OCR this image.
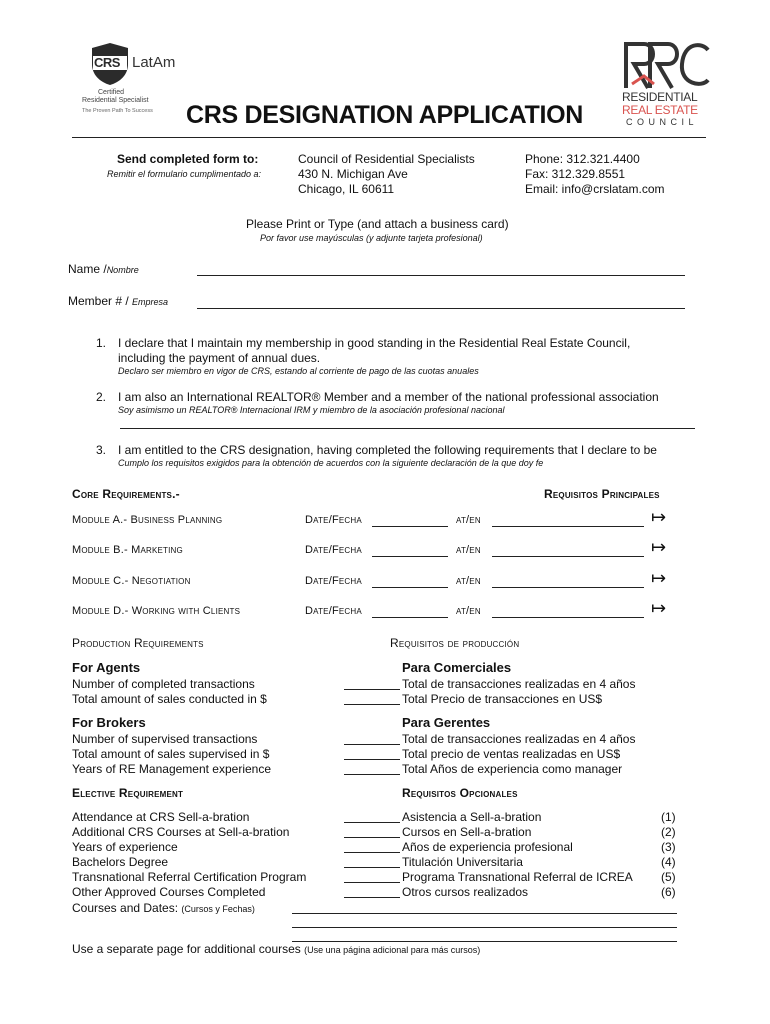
CRS LatAm
Certified
Residential Specialist
The Proven Path To Success
RESIDENTIAL
REAL ESTATE
COUNCIL
CRS DESIGNATION APPLICATION
Send completed form to:
Remitir el formulario cumplimentado a:
Council of Residential Specialists
430 N. Michigan Ave
Chicago, IL 60611
Phone: 312.321.4400
Fax: 312.329.8551
Email: info@crslatam.com
Please Print or Type (and attach a business card)
Por favor use mayúsculas (y adjunte tarjeta profesional)
Name /Nombre
Member # / Empresa
1. I declare that I maintain my membership in good standing in the Residential Real Estate Council,
including the payment of annual dues.
Declaro ser miembro en vigor de CRS, estando al corriente de pago de las cuotas anuales
2. I am also an International REALTOR® Member and a member of the national professional association
Soy asimismo un REALTOR® Internacional IRM y miembro de la asociación profesional nacional
3. I am entitled to the CRS designation, having completed the following requirements that I declare to be
Cumplo los requisitos exigidos para la obtención de acuerdos con la siguiente declaración de la que doy fe
Core Requirements.-	Requisitos Principales
Module A.- Business Planning	Date/Fecha	at/en	↦
Module B.- Marketing	Date/Fecha	at/en	↦
Module C.- Negotiation	Date/Fecha	at/en	↦
Module D.- Working with Clients	Date/Fecha	at/en	↦
Production Requirements	Requisitos de producción
For Agents	Para Comerciales
Number of completed transactions	Total de transacciones realizadas en 4 años
Total amount of sales conducted in $	Total Precio de transacciones en US$
For Brokers	Para Gerentes
Number of supervised transactions	Total de transacciones realizadas en 4 años
Total amount of sales supervised in $	Total precio de ventas realizadas en US$
Years of RE Management experience	Total Años de experiencia como manager
Elective Requirement	Requisitos Opcionales
Attendance at CRS Sell-a-bration	Asistencia a Sell-a-bration	(1)
Additional CRS Courses at Sell-a-bration	Cursos en Sell-a-bration	(2)
Years of experience	Años de experiencia profesional	(3)
Bachelors Degree	Titulación Universitaria	(4)
Transnational Referral Certification Program	Programa Transnational Referral de ICREA (5)
Other Approved Courses Completed	Otros cursos realizados	(6)
Courses and Dates: (Cursos y Fechas)
Use a separate page for additional courses (Use una página adicional para más cursos)
